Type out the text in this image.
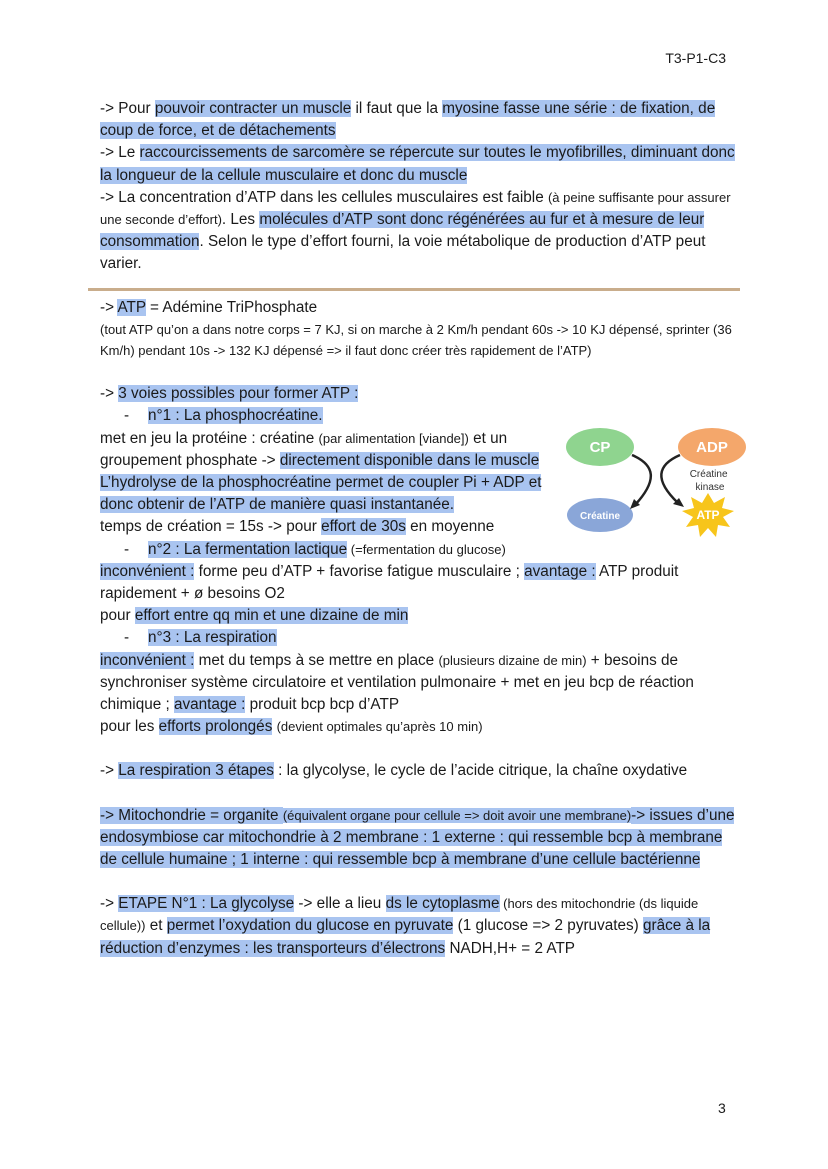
T3-P1-C3
-> Pour pouvoir contracter un muscle il faut que la myosine fasse une série : de fixation, de coup de force, et de détachements
-> Le raccourcissements de sarcomère se répercute sur toutes le myofibrilles, diminuant donc la longueur de la cellule musculaire et donc du muscle
-> La concentration d’ATP dans les cellules musculaires est faible (à peine suffisante pour assurer une seconde d’effort). Les molécules d’ATP sont donc régénérées au fur et à mesure de leur consommation. Selon le type d’effort fourni, la voie métabolique de production d’ATP peut varier.
-> ATP = Adémine TriPhosphate
(tout ATP qu’on a dans notre corps = 7 KJ, si on marche à 2 Km/h pendant 60s -> 10 KJ dépensé, sprinter (36 Km/h) pendant 10s -> 132 KJ dépensé => il faut donc créer très rapidement de l’ATP)
-> 3 voies possibles pour former ATP :
- n°1 : La phosphocréatine.
met en jeu la protéine : créatine (par alimentation [viande]) et un groupement phosphate -> directement disponible dans le muscle
L’hydrolyse de la phosphocréatine permet de coupler Pi + ADP et donc obtenir de l’ATP de manière quasi instantanée.
temps de création = 15s -> pour effort de 30s en moyenne
- n°2 : La fermentation lactique (=fermentation du glucose)
inconvénient : forme peu d’ATP + favorise fatigue musculaire ; avantage : ATP produit rapidement + ø besoins O2
pour effort entre qq min et une dizaine de min
- n°3 : La respiration
inconvénient : met du temps à se mettre en place (plusieurs dizaine de min) + besoins de synchroniser système circulatoire et ventilation pulmonaire + met en jeu bcp de réaction chimique ; avantage : produit bcp bcp d’ATP
pour les efforts prolongés (devient optimales qu’après 10 min)
-> La respiration 3 étapes : la glycolyse, le cycle de l’acide citrique, la chaîne oxydative
-> Mitochondrie = organite (équivalent organe pour cellule => doit avoir une membrane)-> issues d’une endosymbiose car mitochondrie à 2 membrane : 1 externe : qui ressemble bcp à membrane de cellule humaine ; 1 interne : qui ressemble bcp à membrane d’une cellule bactérienne
-> ETAPE N°1 : La glycolyse -> elle a lieu ds le cytoplasme (hors des mitochondrie (ds liquide cellule)) et permet l’oxydation du glucose en pyruvate (1 glucose => 2 pyruvates) grâce à la réduction d’enzymes : les transporteurs d’électrons NADH,H+ = 2 ATP
CP	ADP
Créatine	ATP
Créatine kinase
3
